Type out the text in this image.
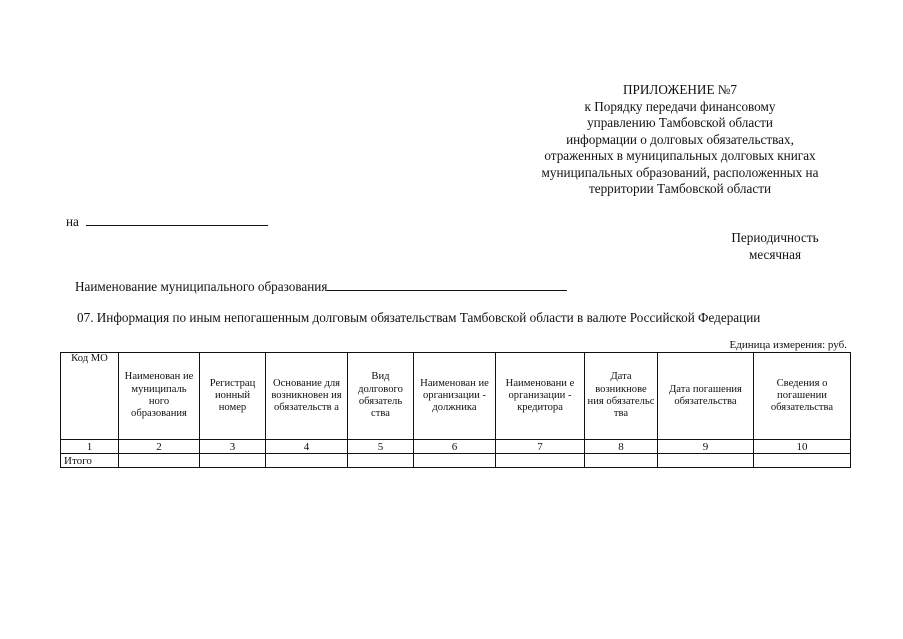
ПРИЛОЖЕНИЕ №7
к Порядку передачи финансовому
управлению Тамбовской области
информации о долговых обязательствах,
отраженных в муниципальных долговых книгах
муниципальных образований, расположенных на
территории Тамбовской области
на
Периодичность
месячная
Наименование муниципального образования
07. Информация по иным непогашенным долговым обязательствам Тамбовской области в валюте Российской Федерации
Единица измерения: руб.
Код МО	Наименован ие муниципаль ного образования	Регистрац ионный номер	Основание для возникновен ия обязательств а	Вид долгового обязатель ства	Наименован ие организации - должника	Наименовани е организации - кредитора	Дата возникнове ния обязательс тва	Дата погашения обязательства	Сведения о погашении обязательства
1	2	3	4	5	6	7	8	9	10
Итого									
